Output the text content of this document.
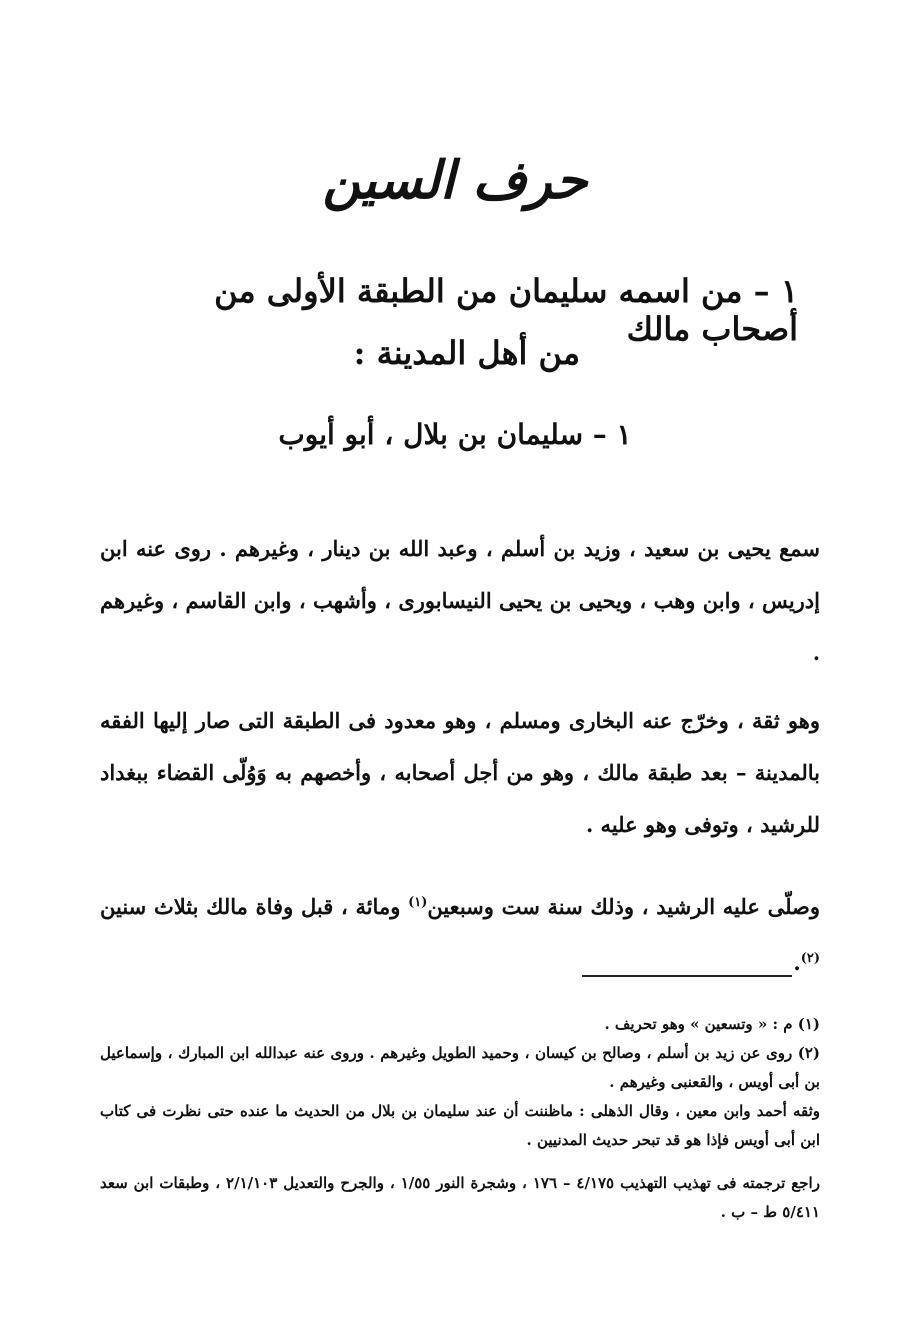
حرف السين
١ – من اسمه سليمان من الطبقة الأولى من أصحاب مالك
من أهل المدينة :
١ – سليمان بن بلال ، أبو أيوب

سمع يحيى بن سعيد ، وزيد بن أسلم ، وعبد الله بن دينار ، وغيرهم . روى عنه ابن إدريس ، وابن وهب ، ويحيى بن يحيى النيسابورى ، وأشهب ، وابن القاسم ، وغيرهم .

وهو ثقة ، وخرّج عنه البخارى ومسلم ، وهو معدود فى الطبقة التى صار إليها الفقه بالمدينة – بعد طبقة مالك ، وهو من أجل أصحابه ، وأخصهم به وَوُلّى القضاء ببغداد للرشيد ، وتوفى وهو عليه .

وصلّى عليه الرشيد ، وذلك سنة ست وسبعين$^{(١)}$ ومائة ، قبل وفاة مالك بثلاث سنين $^{(٢)}$.

(١) م : « وتسعين » وهو تحريف .

(٢) روى عن زيد بن أسلم ، وصالح بن كيسان ، وحميد الطويل وغيرهم . وروى عنه عبدالله ابن المبارك ، وإسماعيل بن أبى أويس ، والقعنبى وغيرهم .

وثقه أحمد وابن معين ، وقال الذهلى : ماظننت أن عند سليمان بن بلال من الحديث ما عنده حتى نظرت فى كتاب ابن أبى أويس فإذا هو قد تبحر حديث المدنيين .

راجع ترجمته فى تهذيب التهذيب ٤/١٧٥ – ١٧٦ ، وشجرة النور ١/٥٥ ، والجرح والتعديل ٢/١/١٠٣ ، وطبقات ابن سعد ٥/٤١١ ط – ب .
